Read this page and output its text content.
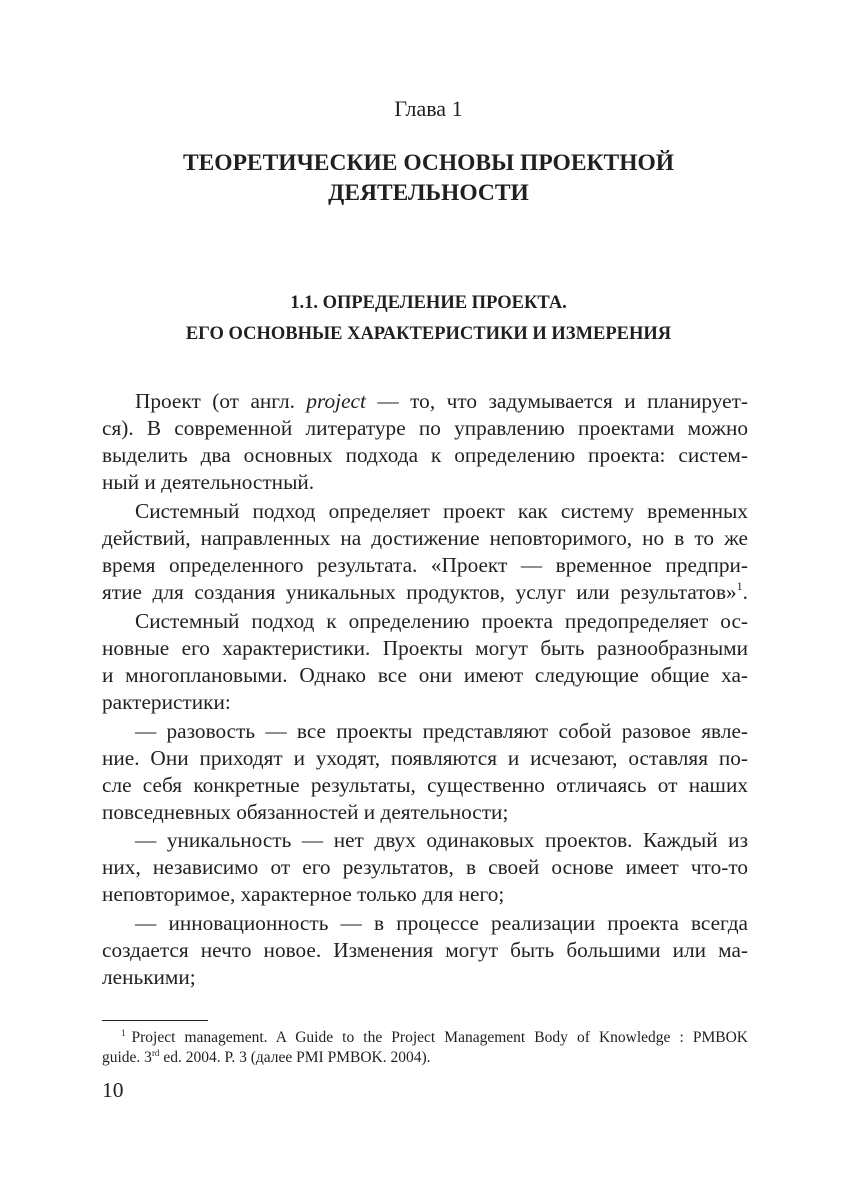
Глава 1
ТЕОРЕТИЧЕСКИЕ ОСНОВЫ ПРОЕКТНОЙ
ДЕЯТЕЛЬНОСТИ
1.1. ОПРЕДЕЛЕНИЕ ПРОЕКТА.
ЕГО ОСНОВНЫЕ ХАРАКТЕРИСТИКИ И ИЗМЕРЕНИЯ
Проект (от англ. project — то, что задумывается и планирует-
ся). В современной литературе по управлению проектами можно
выделить два основных подхода к определению проекта: систем-
ный и деятельностный.
Системный подход определяет проект как систему временных
действий, направленных на достижение неповторимого, но в то же
время определенного результата. «Проект — временное предпри-
ятие для создания уникальных продуктов, услуг или результатов»$^1$.
Системный подход к определению проекта предопределяет ос-
новные его характеристики. Проекты могут быть разнообразными
и многоплановыми. Однако все они имеют следующие общие ха-
рактеристики:
— разовость — все проекты представляют собой разовое явле-
ние. Они приходят и уходят, появляются и исчезают, оставляя по-
сле себя конкретные результаты, существенно отличаясь от наших
повседневных обязанностей и деятельности;
— уникальность — нет двух одинаковых проектов. Каждый из
них, независимо от его результатов, в своей основе имеет что-то
неповторимое, характерное только для него;
— инновационность — в процессе реализации проекта всегда
создается нечто новое. Изменения могут быть большими или ма-
ленькими;
$^1$ Project management. A Guide to the Project Management Body of Knowledge : PMBOK
guide. 3rd ed. 2004. P. 3 (далее PMI PMBOK. 2004).
10
